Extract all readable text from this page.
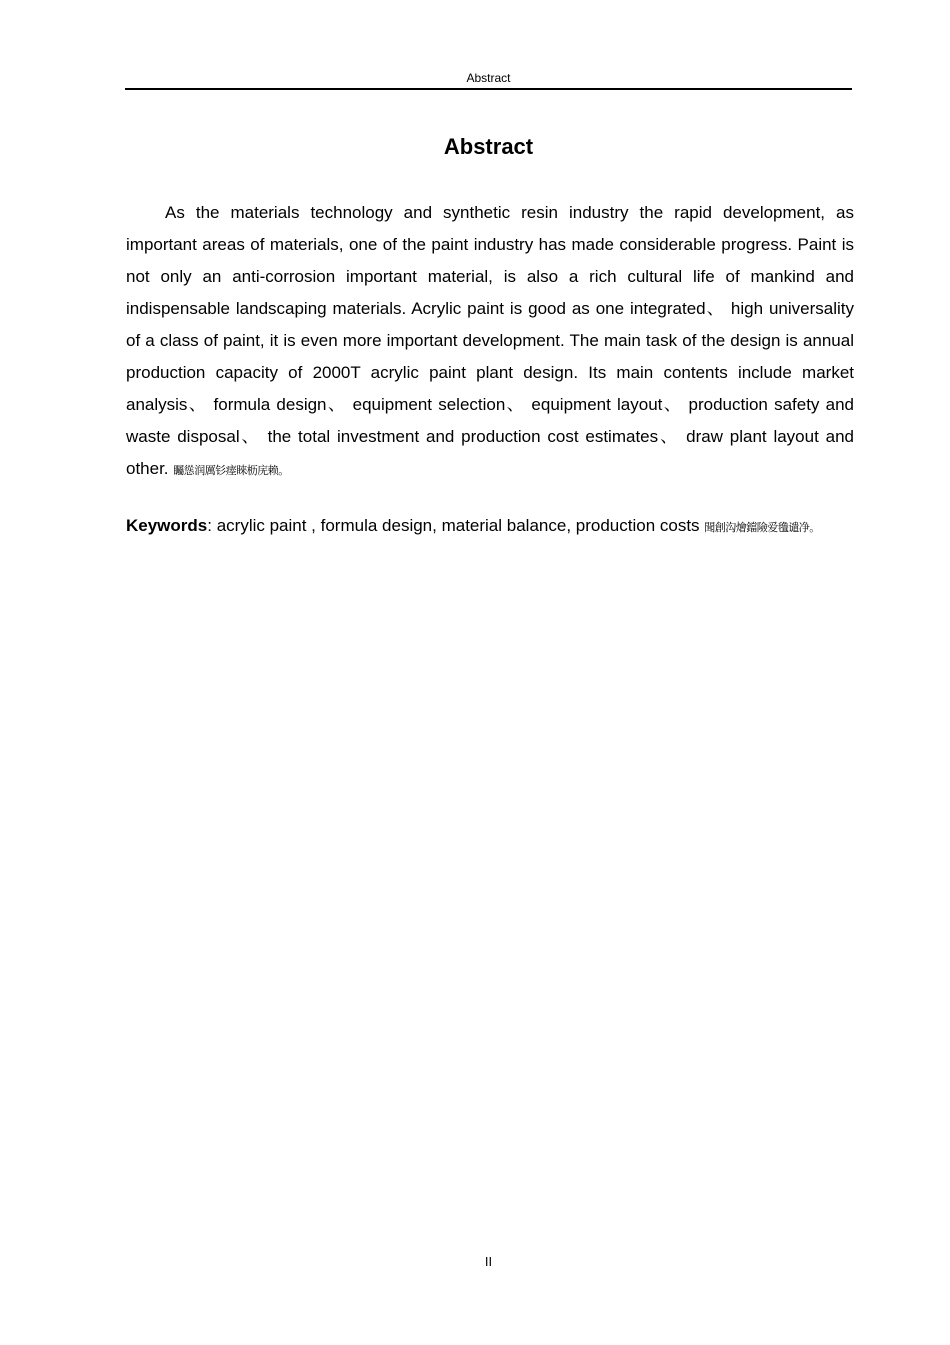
Abstract
Abstract

As the materials technology and synthetic resin industry the rapid development, as important areas of materials, one of the paint industry has made considerable progress. Paint is not only an anti-corrosion important material, is also a rich cultural life of mankind and indispensable landscaping materials. Acrylic paint is good as one integrated、 high universality of a class of paint, it is even more important development. The main task of the design is annual production capacity of 2000T acrylic paint plant design. Its main contents include market analysis、 formula design、 equipment selection、 equipment layout、 production safety and waste disposal、 the total investment and production cost estimates、 draw plant layout and other. 矚慫润厲钐瘗睞枥庑赖。

Keywords: acrylic paint , formula design, material balance, production costs 聞創沟燴鐺險爱氇谴净。

II
